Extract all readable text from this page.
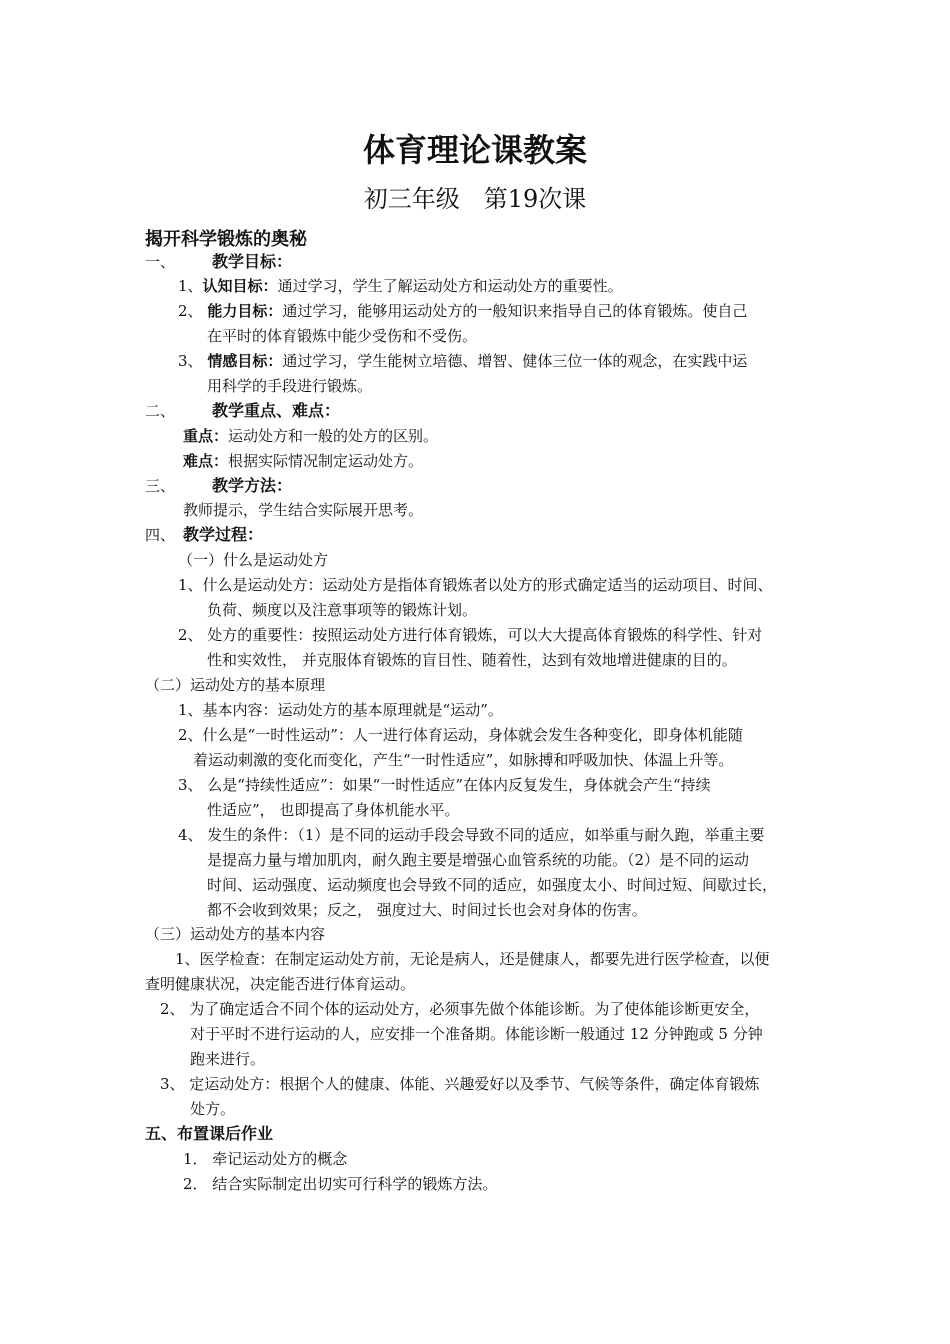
体育理论课教案
初三年级　第19次课
揭开科学锻炼的奥秘
一、 教学目标：
1、认知目标：通过学习，学生了解运动处方和运动处方的重要性。
2、 能力目标：通过学习，能够用运动处方的一般知识来指导自己的体育锻炼。使自己
在平时的体育锻炼中能少受伤和不受伤。
3、 情感目标：通过学习，学生能树立培德、增智、健体三位一体的观念，在实践中运
用科学的手段进行锻炼。
二、 教学重点、难点：
重点：运动处方和一般的处方的区别。
难点：根据实际情况制定运动处方。
三、 教学方法：
教师提示，学生结合实际展开思考。
四、 教学过程：
（一）什么是运动处方
1、什么是运动处方：运动处方是指体育锻炼者以处方的形式确定适当的运动项目、时间、
负荷、频度以及注意事项等的锻炼计划。
2、 处方的重要性：按照运动处方进行体育锻炼，可以大大提高体育锻炼的科学性、针对
性和实效性， 并克服体育锻炼的盲目性、随着性，达到有效地增进健康的目的。
（二）运动处方的基本原理
1、基本内容：运动处方的基本原理就是“运动”。
2、什么是“一时性运动”：人一进行体育运动，身体就会发生各种变化，即身体机能随
着运动刺激的变化而变化，产生“一时性适应”，如脉搏和呼吸加快、体温上升等。
3、 么是“持续性适应”：如果“一时性适应”在体内反复发生，身体就会产生“持续
性适应”， 也即提高了身体机能水平。
4、 发生的条件：（1）是不同的运动手段会导致不同的适应，如举重与耐久跑，举重主要
是提高力量与增加肌肉，耐久跑主要是增强心血管系统的功能。（2）是不同的运动
时间、运动强度、运动频度也会导致不同的适应，如强度太小、时间过短、间歇过长，
都不会收到效果；反之， 强度过大、时间过长也会对身体的伤害。
（三）运动处方的基本内容
1、医学检查：在制定运动处方前，无论是病人，还是健康人，都要先进行医学检查，以便
查明健康状况，决定能否进行体育运动。
2、 为了确定适合不同个体的运动处方，必须事先做个体能诊断。为了使体能诊断更安全，
对于平时不进行运动的人，应安排一个准备期。体能诊断一般通过 12 分钟跑或 5 分钟
跑来进行。
3、 定运动处方：根据个人的健康、体能、兴趣爱好以及季节、气候等条件，确定体育锻炼
处方。
五、布置课后作业
1． 牵记运动处方的概念
2． 结合实际制定出切实可行科学的锻炼方法。
